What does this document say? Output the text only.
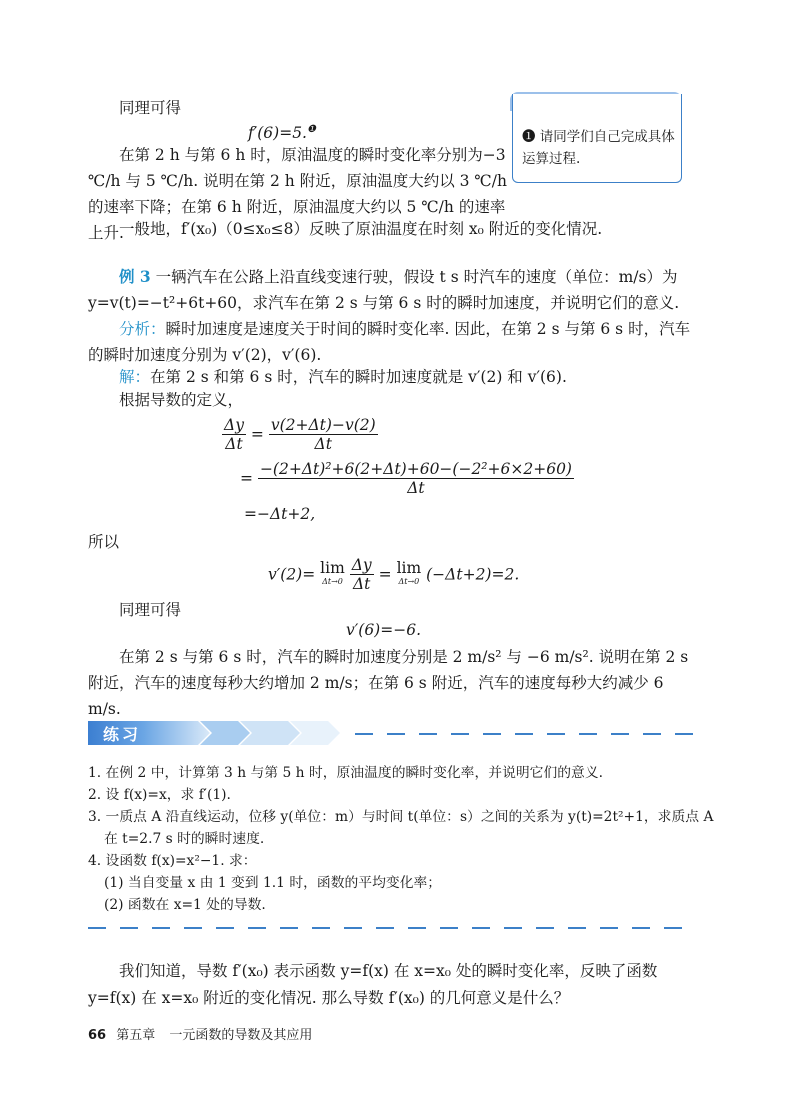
同理可得
f′(6)=5.$^❶$
在第 2 h 与第 6 h 时，原油温度的瞬时变化率分别为−3 ℃/h 与 5 ℃/h. 说明在第 2 h 附近，原油温度大约以 3 ℃/h 的速率下降；在第 6 h 附近，原油温度大约以 5 ℃/h 的速率上升.
一般地，f′(x₀)（0≤x₀≤8）反映了原油温度在时刻 x₀ 附近的变化情况.
❶ 请同学们自己完成具体运算过程.
例 3 一辆汽车在公路上沿直线变速行驶，假设 t s 时汽车的速度（单位：m/s）为 y=v(t)=−t²+6t+60，求汽车在第 2 s 与第 6 s 时的瞬时加速度，并说明它们的意义.
分析：瞬时加速度是速度关于时间的瞬时变化率. 因此，在第 2 s 与第 6 s 时，汽车的瞬时加速度分别为 v′(2)，v′(6).
解：在第 2 s 和第 6 s 时，汽车的瞬时加速度就是 v′(2) 和 v′(6).
根据导数的定义，
$\frac{\Delta y}{\Delta t} = \frac{v(2+\Delta t)-v(2)}{\Delta t}$
= $\frac{\text{−(2+Δt)²+6(2+Δt)+60−(−2²+6×2+60)}}{\Delta t}$
=−Δt+2,
所以
v′(2)= lim
Δt→0
$\frac{\Delta y}{\Delta t} = \lim$
Δt→0 (−Δt+2)=2.
同理可得
v′(6)=−6.
在第 2 s 与第 6 s 时，汽车的瞬时加速度分别是 2 m/s² 与 −6 m/s². 说明在第 2 s 附近，汽车的速度每秒大约增加 2 m/s；在第 6 s 附近，汽车的速度每秒大约减少 6 m/s.
练习
1. 在例 2 中，计算第 3 h 与第 5 h 时，原油温度的瞬时变化率，并说明它们的意义.
2. 设 f(x)=x，求 f′(1).
3. 一质点 A 沿直线运动，位移 y(单位：m）与时间 t(单位：s）之间的关系为 y(t)=2t²+1，求质点 A
在 t=2.7 s 时的瞬时速度.
4. 设函数 f(x)=x²−1. 求：
(1) 当自变量 x 由 1 变到 1.1 时，函数的平均变化率；
(2) 函数在 x=1 处的导数.
我们知道，导数 f′(x₀) 表示函数 y=f(x) 在 x=x₀ 处的瞬时变化率，反映了函数 y=f(x) 在 x=x₀ 附近的变化情况. 那么导数 f′(x₀) 的几何意义是什么？
66 第五章 一元函数的导数及其应用
